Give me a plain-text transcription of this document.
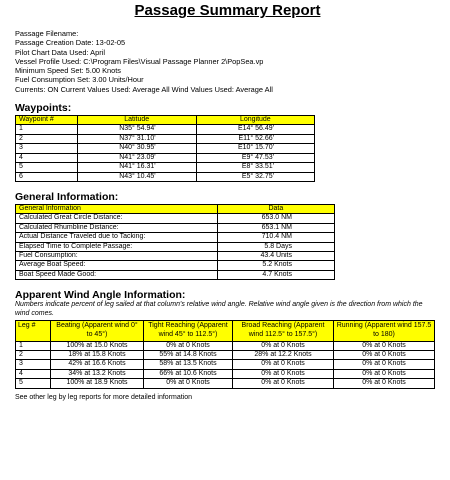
Passage Summary Report
Passage Filename:
Passage Creation Date: 13-02-05
Pilot Chart Data Used: April
Vessel Profile Used: C:\Program Files\Visual Passage Planner 2\PopSea.vp
Minimum Speed Set: 5.00 Knots
Fuel Consumption Set: 3.00 Units/Hour
Currents: ON Current Values Used: Average All Wind Values Used: Average All
Waypoints:
Waypoint #	Latitude	Longitude
1	N35° 54.94'	E14° 56.49'
2	N37° 31.10'	E11° 52.66'
3	N40° 30.95'	E10° 15.70'
4	N41° 23.09'	E9° 47.53'
5	N41° 16.31'	E8° 33.51'
6	N43° 10.45'	E5° 32.75'
General Information:
General Information	Data
Calculated Great Circle Distance:	653.0 NM
Calculated Rhumbline Distance:	653.1 NM
Actual Distance Traveled due to Tacking:	710.4 NM
Elapsed Time to Complete Passage:	5.8 Days
Fuel Consumption:	43.4 Units
Average Boat Speed:	5.2 Knots
Boat Speed Made Good:	4.7 Knots
Apparent Wind Angle Information:
Numbers indicate percent of leg sailed at that column's relative wind angle. Relative wind angle given is the direction from which the wind comes.
Leg #	Beating (Apparent wind 0° to 45°)	Tight Reaching (Apparent wind 45° to 112.5°)	Broad Reaching (Apparent wind 112.5° to 157.5°)	Running (Apparent wind 157.5 to 180)
1	100% at 15.0 Knots	0% at 0 Knots	0% at 0 Knots	0% at 0 Knots
2	18% at 15.8 Knots	55% at 14.8 Knots	28% at 12.2 Knots	0% at 0 Knots
3	42% at 16.6 Knots	58% at 13.5 Knots	0% at 0 Knots	0% at 0 Knots
4	34% at 13.2 Knots	66% at 10.6 Knots	0% at 0 Knots	0% at 0 Knots
5	100% at 18.9 Knots	0% at 0 Knots	0% at 0 Knots	0% at 0 Knots
See other leg by leg reports for more detailed information
